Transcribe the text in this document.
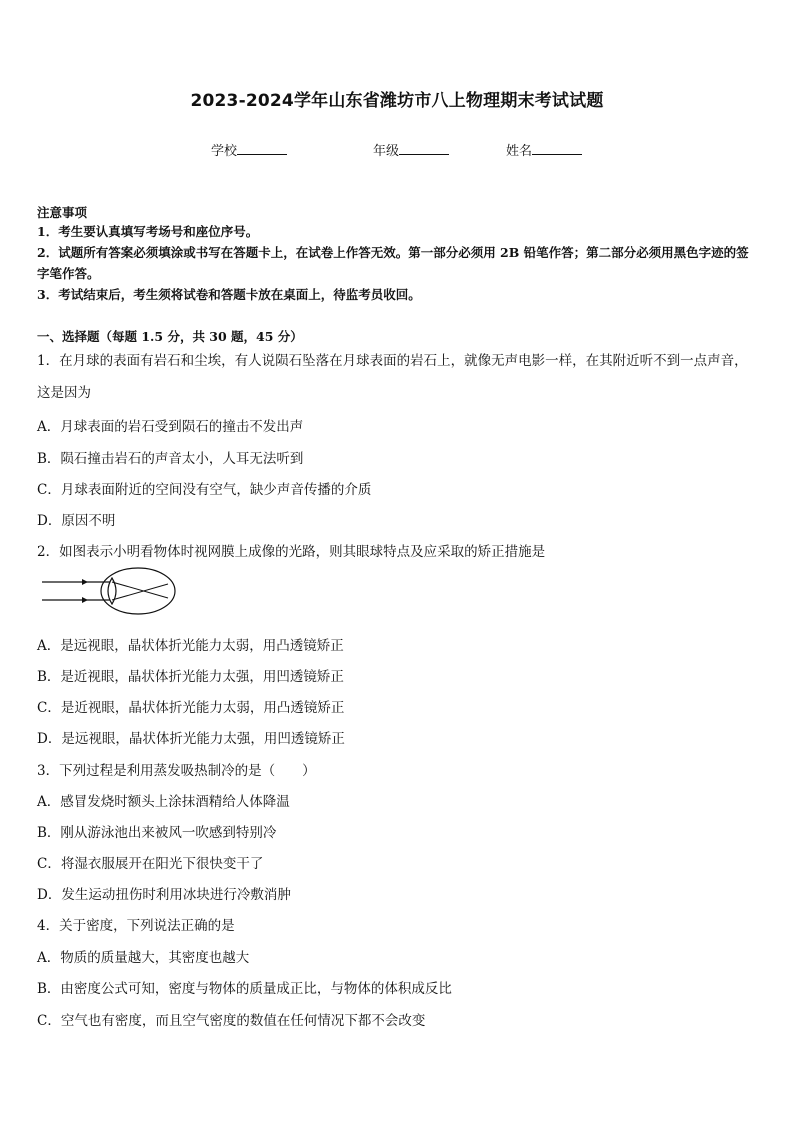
2023-2024学年山东省潍坊市八上物理期末考试试题
学校	年级	姓名
注意事项
1．考生要认真填写考场号和座位序号。
2．试题所有答案必须填涂或书写在答题卡上，在试卷上作答无效。第一部分必须用 2B 铅笔作答；第二部分必须用黑色字迹的签字笔作答。
3．考试结束后，考生须将试卷和答题卡放在桌面上，待监考员收回。
一、选择题（每题 1.5 分，共 30 题，45 分）
1．在月球的表面有岩石和尘埃，有人说陨石坠落在月球表面的岩石上，就像无声电影一样，在其附近听不到一点声音，这是因为
A．月球表面的岩石受到陨石的撞击不发出声
B．陨石撞击岩石的声音太小，人耳无法听到
C．月球表面附近的空间没有空气，缺少声音传播的介质
D．原因不明
2．如图表示小明看物体时视网膜上成像的光路，则其眼球特点及应采取的矫正措施是
A．是远视眼，晶状体折光能力太弱，用凸透镜矫正
B．是近视眼，晶状体折光能力太强，用凹透镜矫正
C．是近视眼，晶状体折光能力太弱，用凸透镜矫正
D．是远视眼，晶状体折光能力太强，用凹透镜矫正
3．下列过程是利用蒸发吸热制冷的是（　　）
A．感冒发烧时额头上涂抹酒精给人体降温
B．刚从游泳池出来被风一吹感到特别冷
C．将湿衣服展开在阳光下很快变干了
D．发生运动扭伤时利用冰块进行冷敷消肿
4．关于密度，下列说法正确的是
A．物质的质量越大，其密度也越大
B．由密度公式可知，密度与物体的质量成正比，与物体的体积成反比
C．空气也有密度，而且空气密度的数值在任何情况下都不会改变
